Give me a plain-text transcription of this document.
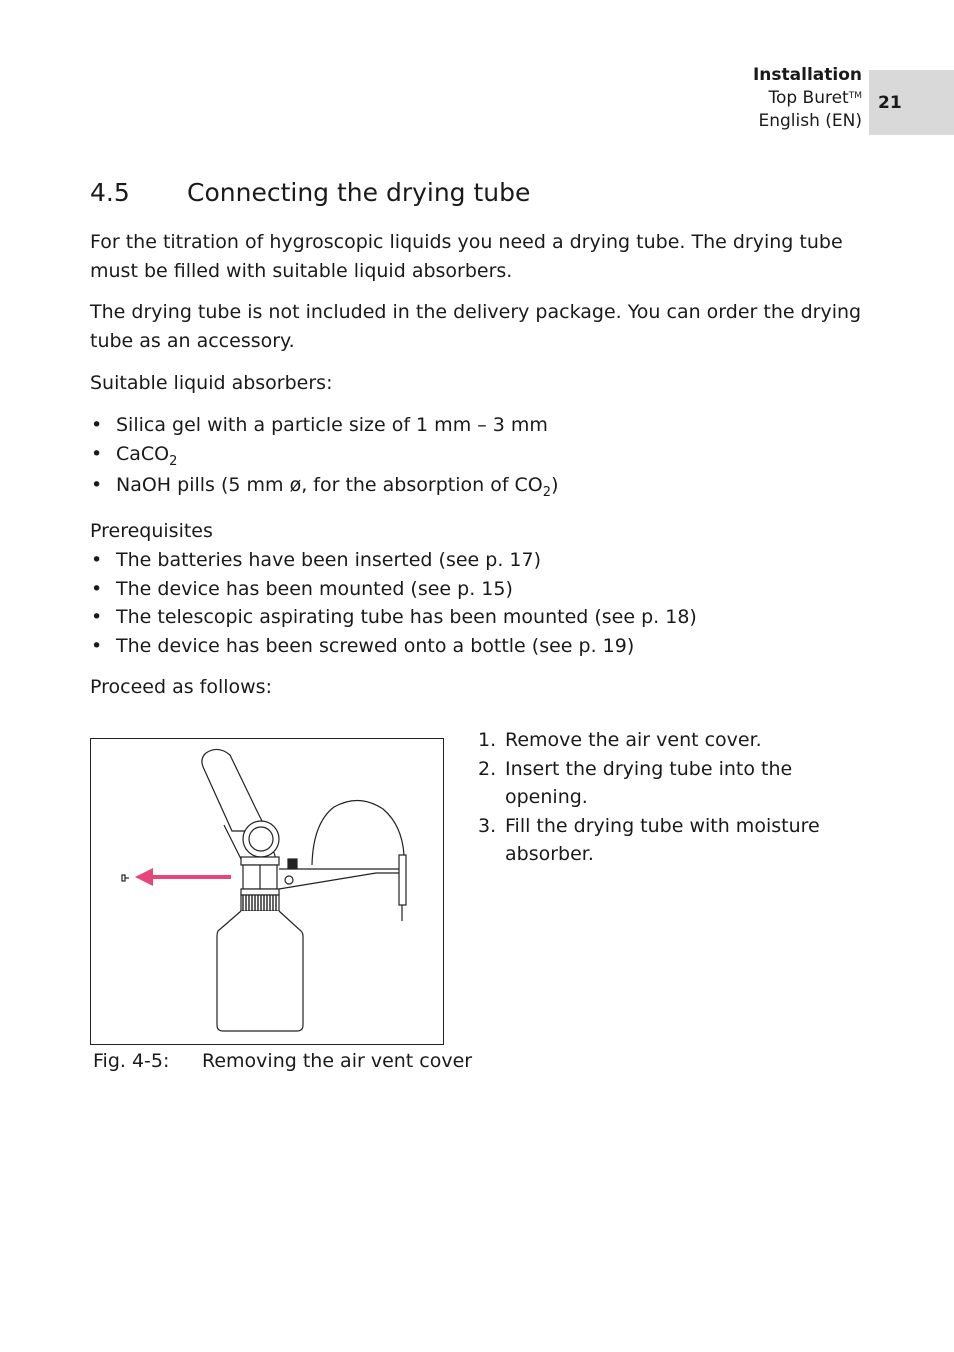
Installation
Top Buret™
English (EN)
21
4.5 Connecting the drying tube

For the titration of hygroscopic liquids you need a drying tube. The drying tube must be filled with suitable liquid absorbers.

The drying tube is not included in the delivery package. You can order the drying tube as an accessory.

Suitable liquid absorbers:

• Silica gel with a particle size of 1 mm – 3 mm
• CaCO$_2$
• NaOH pills (5 mm ø, for the absorption of $CO_2$)

Prerequisites

• The batteries have been inserted (see p. 17)
• The device has been mounted (see p. 15)
• The telescopic aspirating tube has been mounted (see p. 18)
• The device has been screwed onto a bottle (see p. 19)

Proceed as follows:

Fig. 4-5: Removing the air vent cover
1. Remove the air vent cover.
2. Insert the drying tube into the opening.
3. Fill the drying tube with moisture absorber.
